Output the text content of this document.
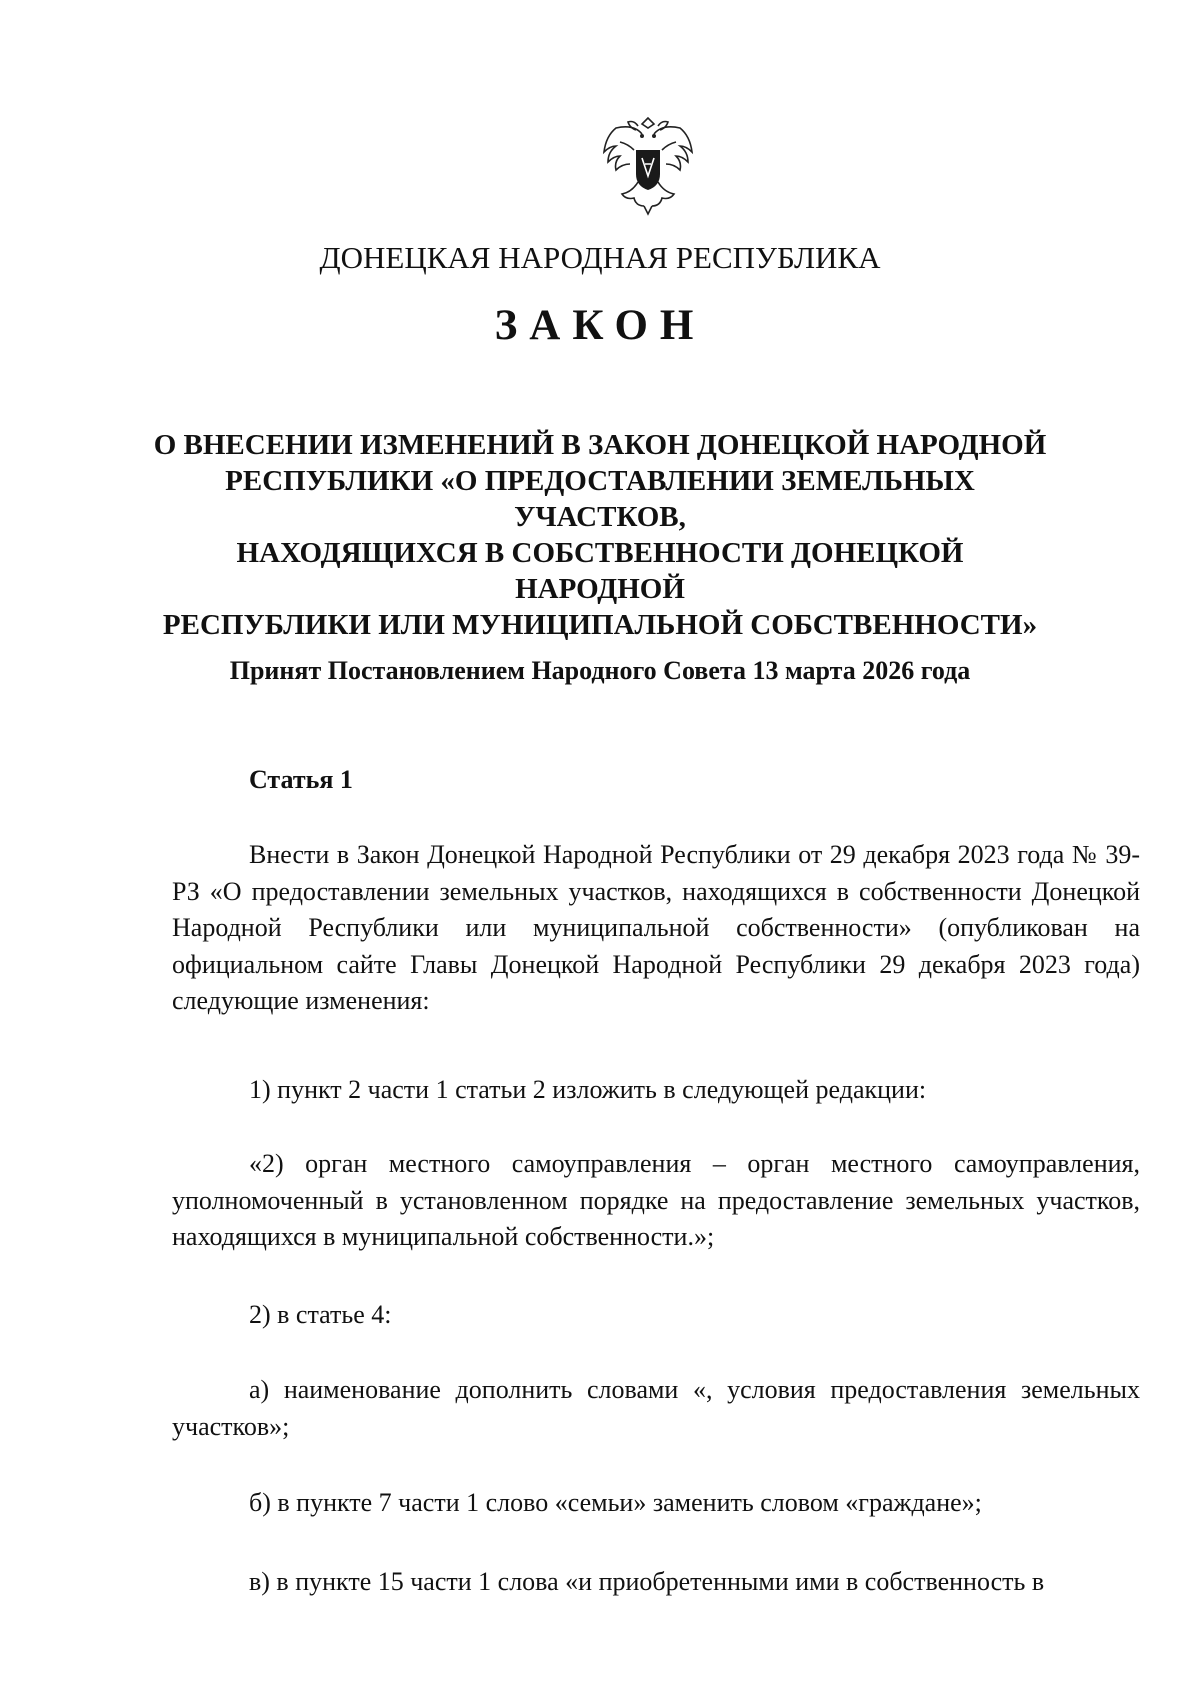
ДОНЕЦКАЯ НАРОДНАЯ РЕСПУБЛИКА
ЗАКОН
О ВНЕСЕНИИ ИЗМЕНЕНИЙ В ЗАКОН ДОНЕЦКОЙ НАРОДНОЙ
РЕСПУБЛИКИ «О ПРЕДОСТАВЛЕНИИ ЗЕМЕЛЬНЫХ УЧАСТКОВ,
НАХОДЯЩИХСЯ В СОБСТВЕННОСТИ ДОНЕЦКОЙ НАРОДНОЙ
РЕСПУБЛИКИ ИЛИ МУНИЦИПАЛЬНОЙ СОБСТВЕННОСТИ»
Принят Постановлением Народного Совета 13 марта 2026 года
Статья 1
Внести в Закон Донецкой Народной Республики от 29 декабря 2023 года № 39-РЗ «О предоставлении земельных участков, находящихся в собственности Донецкой Народной Республики или муниципальной собственности» (опубликован на официальном сайте Главы Донецкой Народной Республики 29 декабря 2023 года) следующие изменения:
1) пункт 2 части 1 статьи 2 изложить в следующей редакции:
«2) орган местного самоуправления – орган местного самоуправления, уполномоченный в установленном порядке на предоставление земельных участков, находящихся в муниципальной собственности.»;
2) в статье 4:
а) наименование дополнить словами «, условия предоставления земельных участков»;
б) в пункте 7 части 1 слово «семьи» заменить словом «граждане»;
в) в пункте 15 части 1 слова «и приобретенными ими в собственность в
